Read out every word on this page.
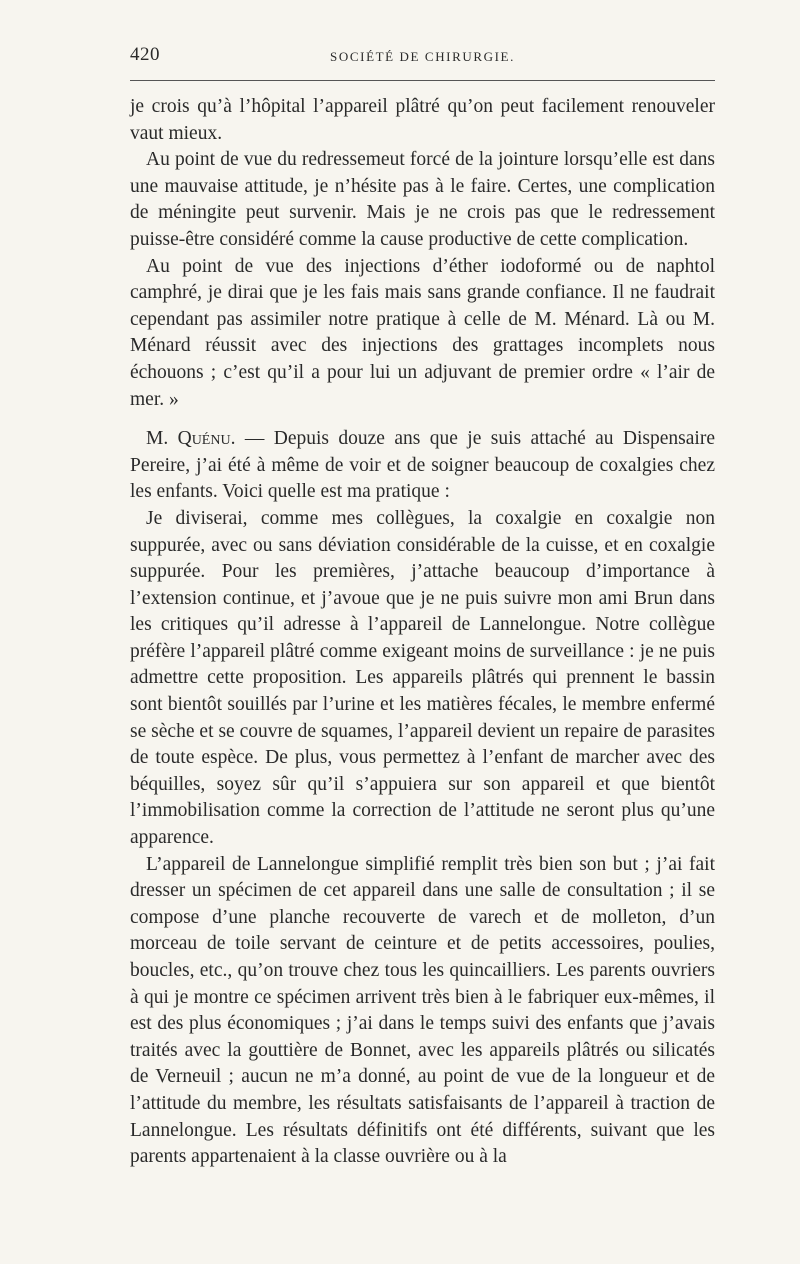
420	SOCIÉTÉ DE CHIRURGIE.

je crois qu’à l’hôpital l’appareil plâtré qu’on peut facilement renouveler vaut mieux.

Au point de vue du redressemeut forcé de la jointure lorsqu’elle est dans une mauvaise attitude, je n’hésite pas à le faire. Certes, une complication de méningite peut survenir. Mais je ne crois pas que le redressement puisse-être considéré comme la cause productive de cette complication.

Au point de vue des injections d’éther iodoformé ou de naphtol camphré, je dirai que je les fais mais sans grande confiance. Il ne faudrait cependant pas assimiler notre pratique à celle de M. Ménard. Là ou M. Ménard réussit avec des injections des grattages incomplets nous échouons ; c’est qu’il a pour lui un adjuvant de premier ordre « l’air de mer. »

M. Quénu. — Depuis douze ans que je suis attaché au Dispensaire Pereire, j’ai été à même de voir et de soigner beaucoup de coxalgies chez les enfants. Voici quelle est ma pratique :

Je diviserai, comme mes collègues, la coxalgie en coxalgie non suppurée, avec ou sans déviation considérable de la cuisse, et en coxalgie suppurée. Pour les premières, j’attache beaucoup d’importance à l’extension continue, et j’avoue que je ne puis suivre mon ami Brun dans les critiques qu’il adresse à l’appareil de Lannelongue. Notre collègue préfère l’appareil plâtré comme exigeant moins de surveillance : je ne puis admettre cette proposition. Les appareils plâtrés qui prennent le bassin sont bientôt souillés par l’urine et les matières fécales, le membre enfermé se sèche et se couvre de squames, l’appareil devient un repaire de parasites de toute espèce. De plus, vous permettez à l’enfant de marcher avec des béquilles, soyez sûr qu’il s’appuiera sur son appareil et que bientôt l’immobilisation comme la correction de l’attitude ne seront plus qu’une apparence.

L’appareil de Lannelongue simplifié remplit très bien son but ; j’ai fait dresser un spécimen de cet appareil dans une salle de consultation ; il se compose d’une planche recouverte de varech et de molleton, d’un morceau de toile servant de ceinture et de petits accessoires, poulies, boucles, etc., qu’on trouve chez tous les quincailliers. Les parents ouvriers à qui je montre ce spécimen arrivent très bien à le fabriquer eux-mêmes, il est des plus économiques ; j’ai dans le temps suivi des enfants que j’avais traités avec la gouttière de Bonnet, avec les appareils plâtrés ou silicatés de Verneuil ; aucun ne m’a donné, au point de vue de la longueur et de l’attitude du membre, les résultats satisfaisants de l’appareil à traction de Lannelongue. Les résultats définitifs ont été différents, suivant que les parents appartenaient à la classe ouvrière ou à la
